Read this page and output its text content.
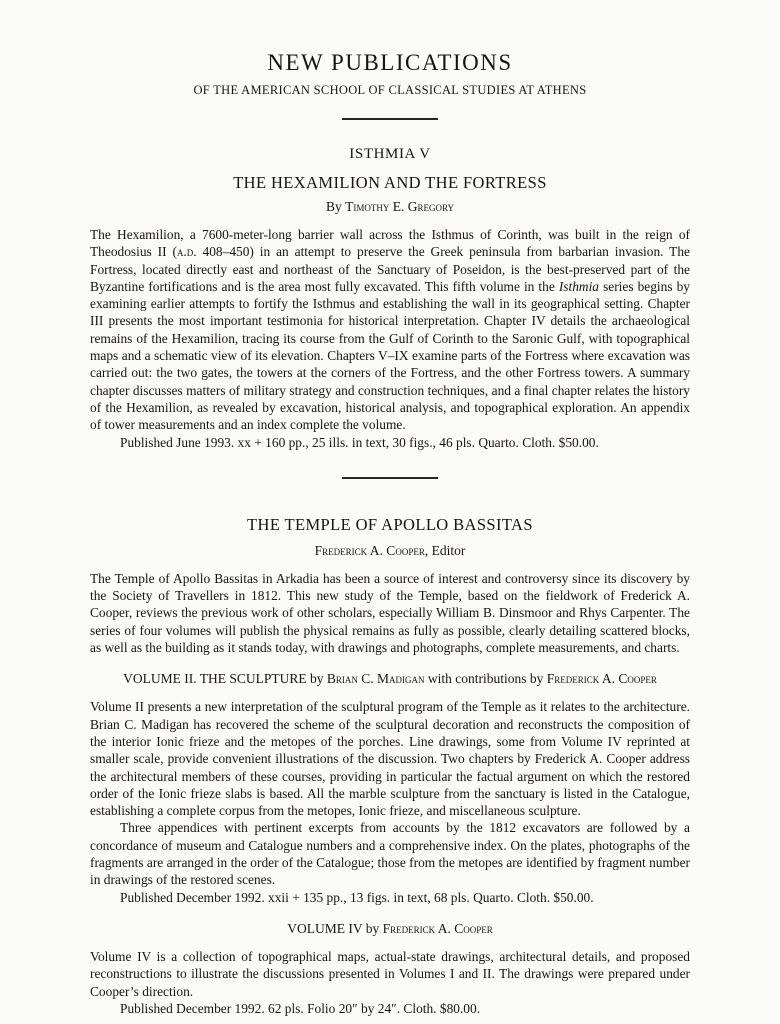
NEW PUBLICATIONS
OF THE AMERICAN SCHOOL OF CLASSICAL STUDIES AT ATHENS
ISTHMIA V
THE HEXAMILION AND THE FORTRESS
By Timothy E. Gregory

The Hexamilion, a 7600-meter-long barrier wall across the Isthmus of Corinth, was built in the reign of Theodosius II (a.d. 408–450) in an attempt to preserve the Greek peninsula from barbarian invasion. The Fortress, located directly east and northeast of the Sanctuary of Poseidon, is the best-preserved part of the Byzantine fortifications and is the area most fully excavated. This fifth volume in the Isthmia series begins by examining earlier attempts to fortify the Isthmus and establishing the wall in its geographical setting. Chapter III presents the most important testimonia for historical interpretation. Chapter IV details the archaeological remains of the Hexamilion, tracing its course from the Gulf of Corinth to the Saronic Gulf, with topographical maps and a schematic view of its elevation. Chapters V–IX examine parts of the Fortress where excavation was carried out: the two gates, the towers at the corners of the Fortress, and the other Fortress towers. A summary chapter discusses matters of military strategy and construction techniques, and a final chapter relates the history of the Hexamilion, as revealed by excavation, historical analysis, and topographical exploration. An appendix of tower measurements and an index complete the volume.

Published June 1993. xx + 160 pp., 25 ills. in text, 30 figs., 46 pls. Quarto. Cloth. $50.00.

THE TEMPLE OF APOLLO BASSITAS
Frederick A. Cooper, Editor

The Temple of Apollo Bassitas in Arkadia has been a source of interest and controversy since its discovery by the Society of Travellers in 1812. This new study of the Temple, based on the fieldwork of Frederick A. Cooper, reviews the previous work of other scholars, especially William B. Dinsmoor and Rhys Carpenter. The series of four volumes will publish the physical remains as fully as possible, clearly detailing scattered blocks, as well as the building as it stands today, with drawings and photographs, complete measurements, and charts.

VOLUME II. THE SCULPTURE by Brian C. Madigan with contributions by Frederick A. Cooper

Volume II presents a new interpretation of the sculptural program of the Temple as it relates to the architecture. Brian C. Madigan has recovered the scheme of the sculptural decoration and reconstructs the composition of the interior Ionic frieze and the metopes of the porches. Line drawings, some from Volume IV reprinted at smaller scale, provide convenient illustrations of the discussion. Two chapters by Frederick A. Cooper address the architectural members of these courses, providing in particular the factual argument on which the restored order of the Ionic frieze slabs is based. All the marble sculpture from the sanctuary is listed in the Catalogue, establishing a complete corpus from the metopes, Ionic frieze, and miscellaneous sculpture.

Three appendices with pertinent excerpts from accounts by the 1812 excavators are followed by a concordance of museum and Catalogue numbers and a comprehensive index. On the plates, photographs of the fragments are arranged in the order of the Catalogue; those from the metopes are identified by fragment number in drawings of the restored scenes.

Published December 1992. xxii + 135 pp., 13 figs. in text, 68 pls. Quarto. Cloth. $50.00.

VOLUME IV by Frederick A. Cooper

Volume IV is a collection of topographical maps, actual-state drawings, architectural details, and proposed reconstructions to illustrate the discussions presented in Volumes I and II. The drawings were prepared under Cooper’s direction.

Published December 1992. 62 pls. Folio 20″ by 24″. Cloth. $80.00.
